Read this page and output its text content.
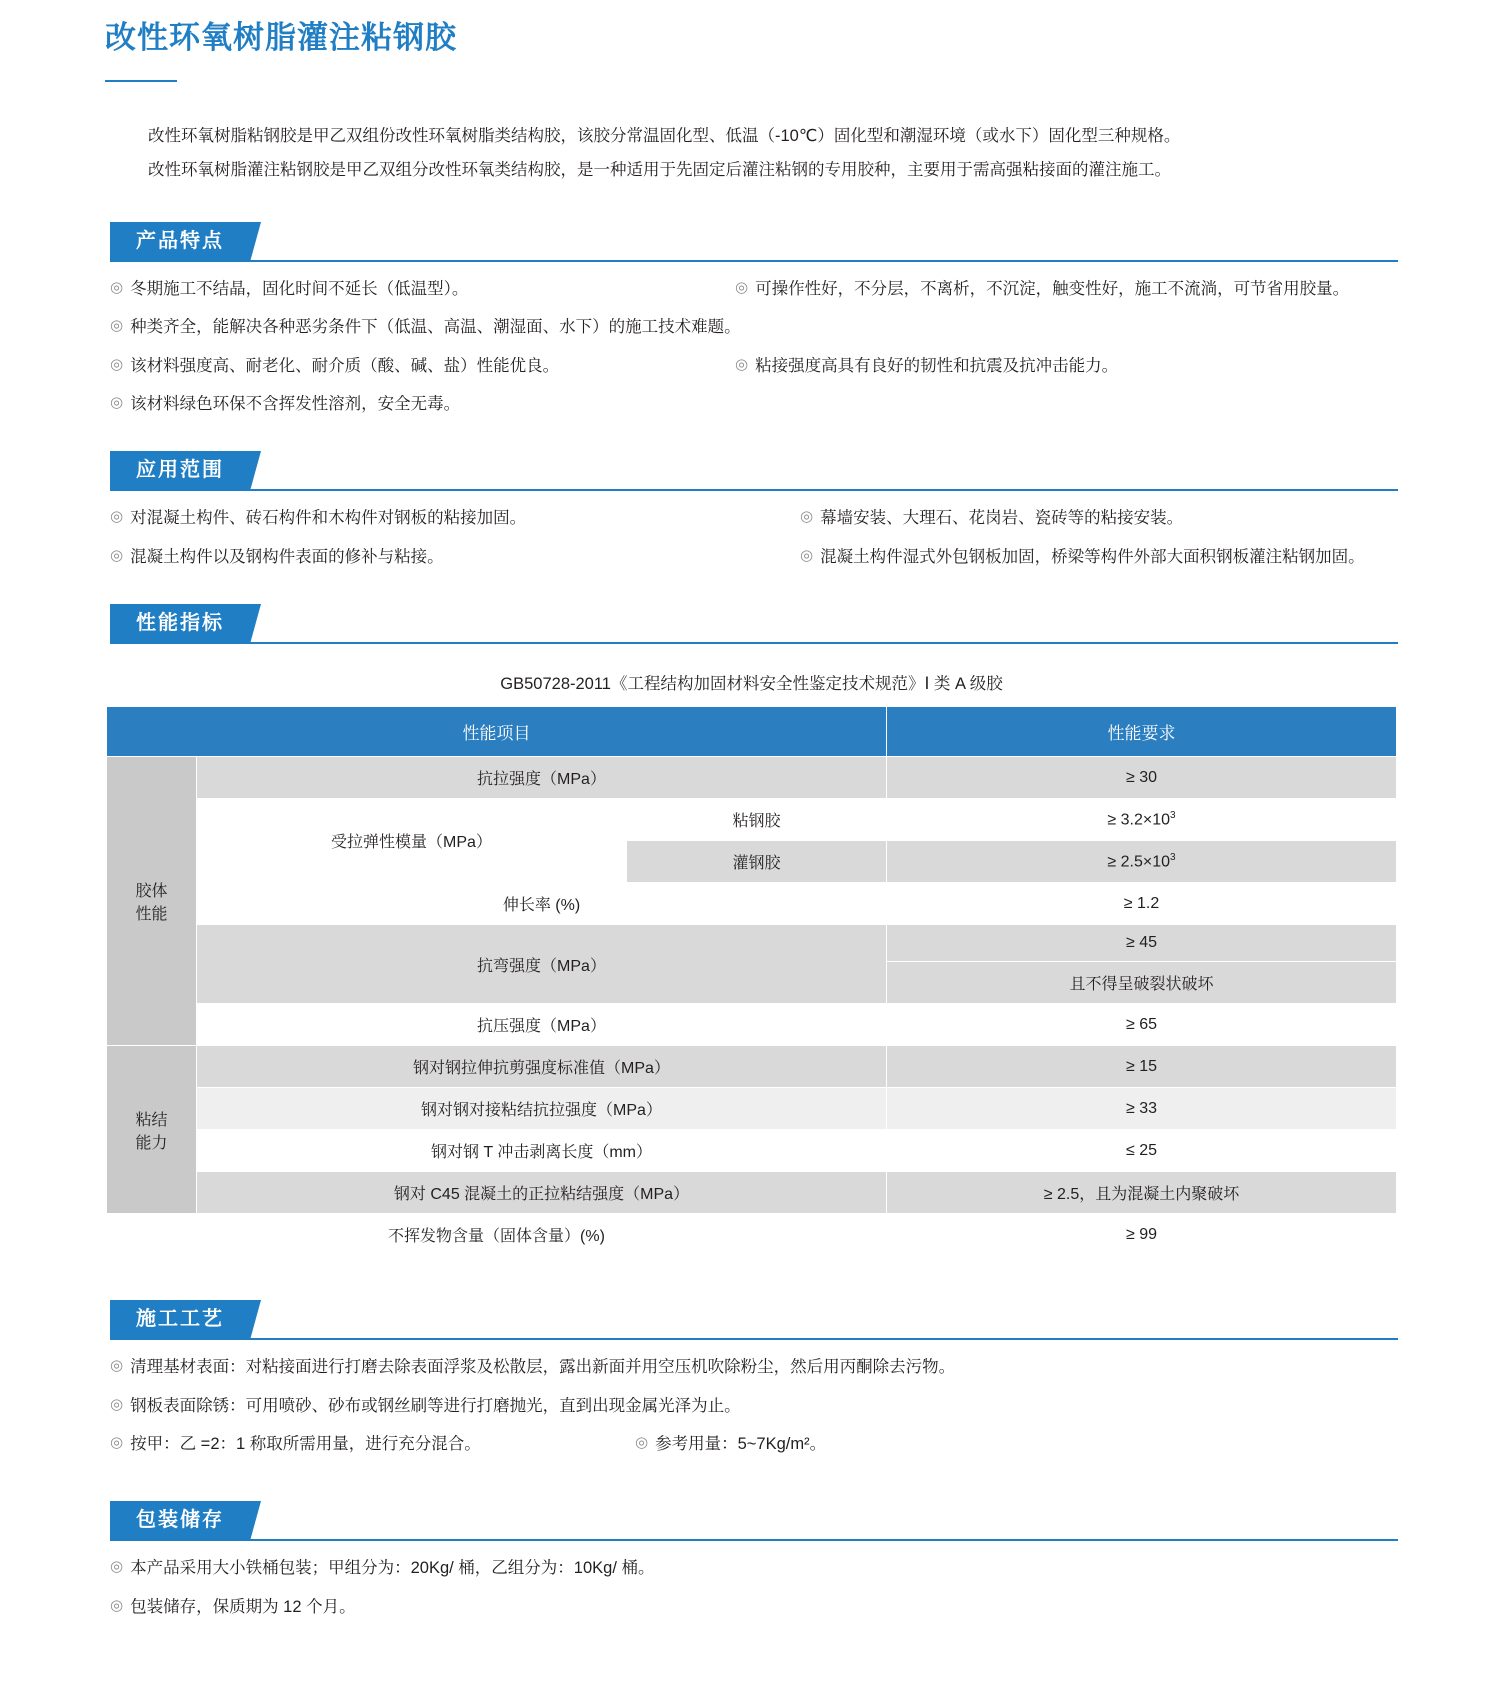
改性环氧树脂灌注粘钢胶

改性环氧树脂粘钢胶是甲乙双组份改性环氧树脂类结构胶，该胶分常温固化型、低温（-10℃）固化型和潮湿环境（或水下）固化型三种规格。

改性环氧树脂灌注粘钢胶是甲乙双组分改性环氧类结构胶，是一种适用于先固定后灌注粘钢的专用胶种，主要用于需高强粘接面的灌注施工。

产品特点
◎ 冬期施工不结晶，固化时间不延长（低温型）。	◎ 可操作性好，不分层，不离析，不沉淀，触变性好，施工不流淌，可节省用胶量。
◎ 种类齐全，能解决各种恶劣条件下（低温、高温、潮湿面、水下）的施工技术难题。
◎ 该材料强度高、耐老化、耐介质（酸、碱、盐）性能优良。	◎ 粘接强度高具有良好的韧性和抗震及抗冲击能力。
◎ 该材料绿色环保不含挥发性溶剂，安全无毒。
应用范围
◎ 对混凝土构件、砖石构件和木构件对钢板的粘接加固。	◎ 幕墙安装、大理石、花岗岩、瓷砖等的粘接安装。
◎ 混凝土构件以及钢构件表面的修补与粘接。	◎ 混凝土构件湿式外包钢板加固，桥梁等构件外部大面积钢板灌注粘钢加固。
性能指标
GB50728-2011《工程结构加固材料安全性鉴定技术规范》Ⅰ 类 A 级胶
性能项目			性能要求
胶体
性能	抗拉强度（MPa）		≥ 30
	受拉弹性模量（MPa）	粘钢胶	≥ $3.2\times 10^3$
		灌钢胶	≥ $2.5\times 10^3$
	伸长率 (%)		≥ 1.2
	抗弯强度（MPa）		≥ 45
			且不得呈破裂状破坏
	抗压强度（MPa）		≥ 65
粘结
能力	钢对钢拉伸抗剪强度标准值（MPa）		≥ 15
	钢对钢对接粘结抗拉强度（MPa）		≥ 33
	钢对钢 T 冲击剥离长度（mm）		≤ 25
	钢对 C45 混凝土的正拉粘结强度（MPa）		≥ 2.5，且为混凝土内聚破坏
不挥发物含量（固体含量）(%)			≥ 99
施工工艺
◎ 清理基材表面：对粘接面进行打磨去除表面浮浆及松散层，露出新面并用空压机吹除粉尘，然后用丙酮除去污物。
◎ 钢板表面除锈：可用喷砂、砂布或钢丝刷等进行打磨抛光，直到出现金属光泽为止。
◎ 按甲：乙 =2：1 称取所需用量，进行充分混合。	◎ 参考用量：5~7Kg/m²。
包装储存
◎ 本产品采用大小铁桶包装；甲组分为：20Kg/ 桶，乙组分为：10Kg/ 桶。
◎ 包装储存，保质期为 12 个月。
